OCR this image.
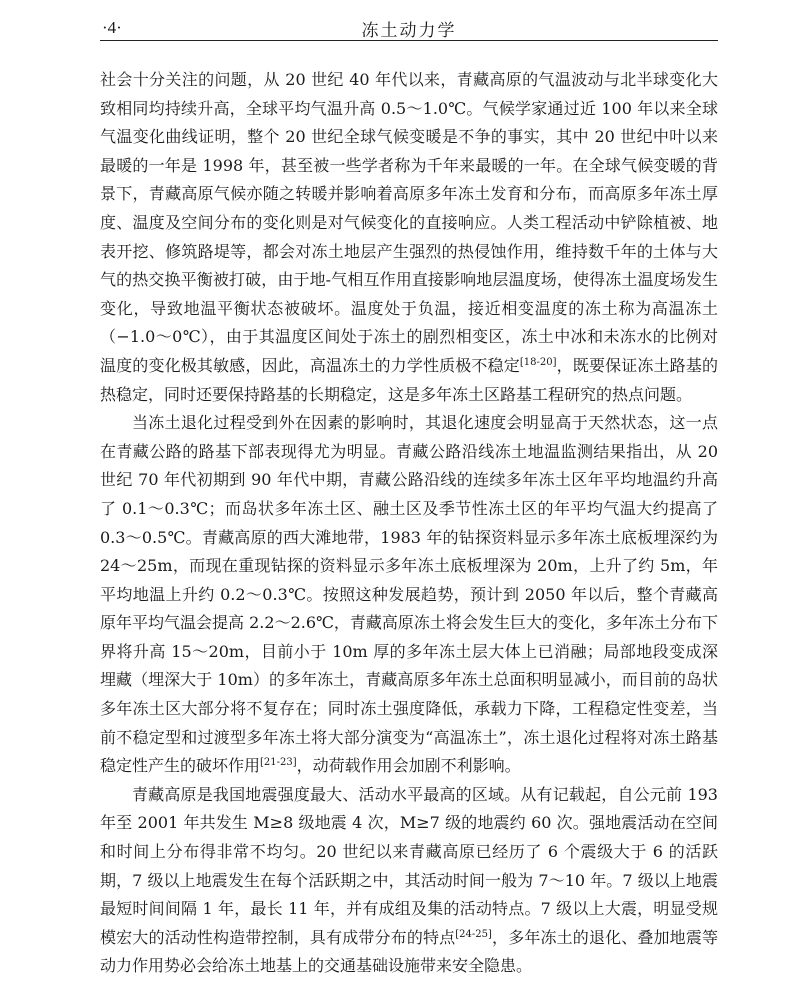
·4·	冻土动力学

社会十分关注的问题，从 20 世纪 40 年代以来，青藏高原的气温波动与北半球变化大致相同均持续升高，全球平均气温升高 0.5～1.0℃。气候学家通过近 100 年以来全球气温变化曲线证明，整个 20 世纪全球气候变暖是不争的事实，其中 20 世纪中叶以来最暖的一年是 1998 年，甚至被一些学者称为千年来最暖的一年。在全球气候变暖的背景下，青藏高原气候亦随之转暖并影响着高原多年冻土发育和分布，而高原多年冻土厚度、温度及空间分布的变化则是对气候变化的直接响应。人类工程活动中铲除植被、地表开挖、修筑路堤等，都会对冻土地层产生强烈的热侵蚀作用，维持数千年的土体与大气的热交换平衡被打破，由于地-气相互作用直接影响地层温度场，使得冻土温度场发生变化，导致地温平衡状态被破坏。温度处于负温，接近相变温度的冻土称为高温冻土（−1.0～0℃），由于其温度区间处于冻土的剧烈相变区，冻土中冰和未冻水的比例对温度的变化极其敏感，因此，高温冻土的力学性质极不稳定[18-20]，既要保证冻土路基的热稳定，同时还要保持路基的长期稳定，这是多年冻土区路基工程研究的热点问题。

当冻土退化过程受到外在因素的影响时，其退化速度会明显高于天然状态，这一点在青藏公路的路基下部表现得尤为明显。青藏公路沿线冻土地温监测结果指出，从 20 世纪 70 年代初期到 90 年代中期，青藏公路沿线的连续多年冻土区年平均地温约升高了 0.1～0.3℃；而岛状多年冻土区、融土区及季节性冻土区的年平均气温大约提高了 0.3～0.5℃。青藏高原的西大滩地带，1983 年的钻探资料显示多年冻土底板埋深约为 24～25m，而现在重现钻探的资料显示多年冻土底板埋深为 20m，上升了约 5m，年平均地温上升约 0.2～0.3℃。按照这种发展趋势，预计到 2050 年以后，整个青藏高原年平均气温会提高 2.2～2.6℃，青藏高原冻土将会发生巨大的变化，多年冻土分布下界将升高 15～20m，目前小于 10m 厚的多年冻土层大体上已消融；局部地段变成深埋藏（埋深大于 10m）的多年冻土，青藏高原多年冻土总面积明显减小，而目前的岛状多年冻土区大部分将不复存在；同时冻土强度降低，承载力下降，工程稳定性变差，当前不稳定型和过渡型多年冻土将大部分演变为“高温冻土”，冻土退化过程将对冻土路基稳定性产生的破坏作用[21-23]，动荷载作用会加剧不利影响。

青藏高原是我国地震强度最大、活动水平最高的区域。从有记载起，自公元前 193 年至 2001 年共发生 M≥8 级地震 4 次，M≥7 级的地震约 60 次。强地震活动在空间和时间上分布得非常不均匀。20 世纪以来青藏高原已经历了 6 个震级大于 6 的活跃期，7 级以上地震发生在每个活跃期之中，其活动时间一般为 7～10 年。7 级以上地震最短时间间隔 1 年，最长 11 年，并有成组及集的活动特点。7 级以上大震，明显受规模宏大的活动性构造带控制，具有成带分布的特点[24-25]，多年冻土的退化、叠加地震等动力作用势必会给冻土地基上的交通基础设施带来安全隐患。
